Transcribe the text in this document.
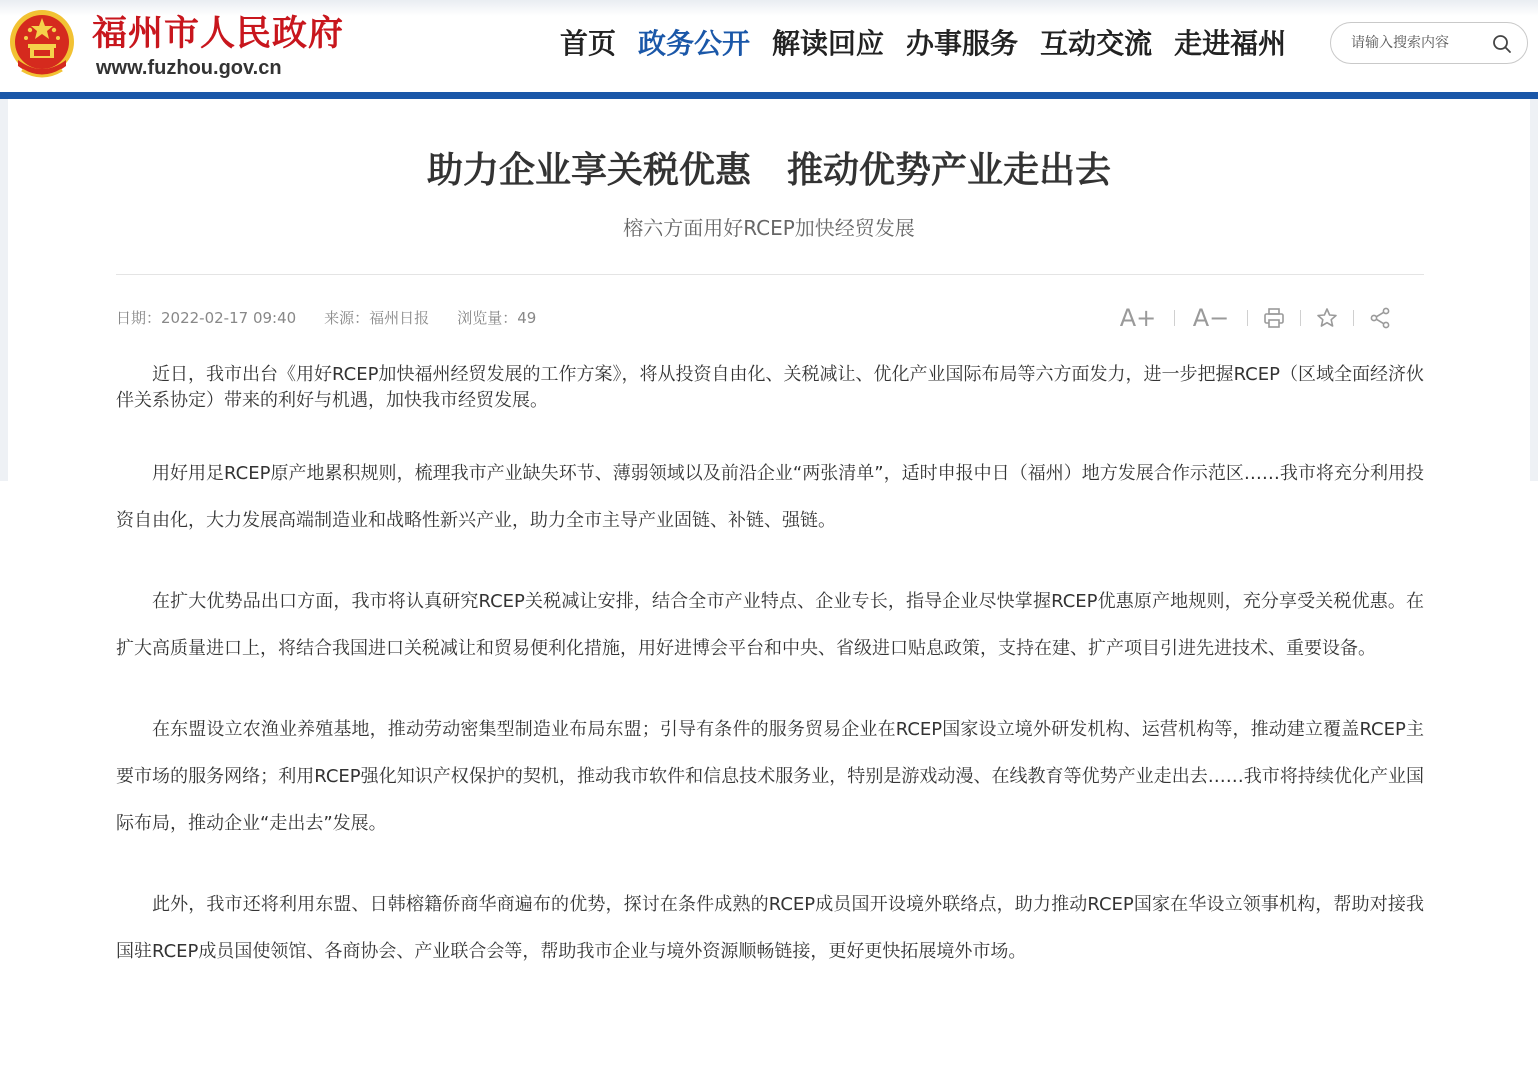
福州市人民政府
www.fuzhou.gov.cn
首页 政务公开 解读回应 办事服务 互动交流 走进福州
请输入搜索内容
助力企业享关税优惠　推动优势产业走出去
榕六方面用好RCEP加快经贸发展
日期：2022-02-17 09:40 来源：福州日报 浏览量：49	A+ A−

近日，我市出台《用好RCEP加快福州经贸发展的工作方案》，将从投资自由化、关税减让、优化产业国际布局等六方面发力，进一步把握RCEP（区域全面经济伙伴关系协定）带来的利好与机遇，加快我市经贸发展。

用好用足RCEP原产地累积规则，梳理我市产业缺失环节、薄弱领域以及前沿企业“两张清单”，适时申报中日（福州）地方发展合作示范区……我市将充分利用投资自由化，大力发展高端制造业和战略性新兴产业，助力全市主导产业固链、补链、强链。

在扩大优势品出口方面，我市将认真研究RCEP关税减让安排，结合全市产业特点、企业专长，指导企业尽快掌握RCEP优惠原产地规则，充分享受关税优惠。在扩大高质量进口上，将结合我国进口关税减让和贸易便利化措施，用好进博会平台和中央、省级进口贴息政策，支持在建、扩产项目引进先进技术、重要设备。

在东盟设立农渔业养殖基地，推动劳动密集型制造业布局东盟；引导有条件的服务贸易企业在RCEP国家设立境外研发机构、运营机构等，推动建立覆盖RCEP主要市场的服务网络；利用RCEP强化知识产权保护的契机，推动我市软件和信息技术服务业，特别是游戏动漫、在线教育等优势产业走出去……我市将持续优化产业国际布局，推动企业“走出去”发展。

此外，我市还将利用东盟、日韩榕籍侨商华商遍布的优势，探讨在条件成熟的RCEP成员国开设境外联络点，助力推动RCEP国家在华设立领事机构，帮助对接我国驻RCEP成员国使领馆、各商协会、产业联合会等，帮助我市企业与境外资源顺畅链接，更好更快拓展境外市场。
